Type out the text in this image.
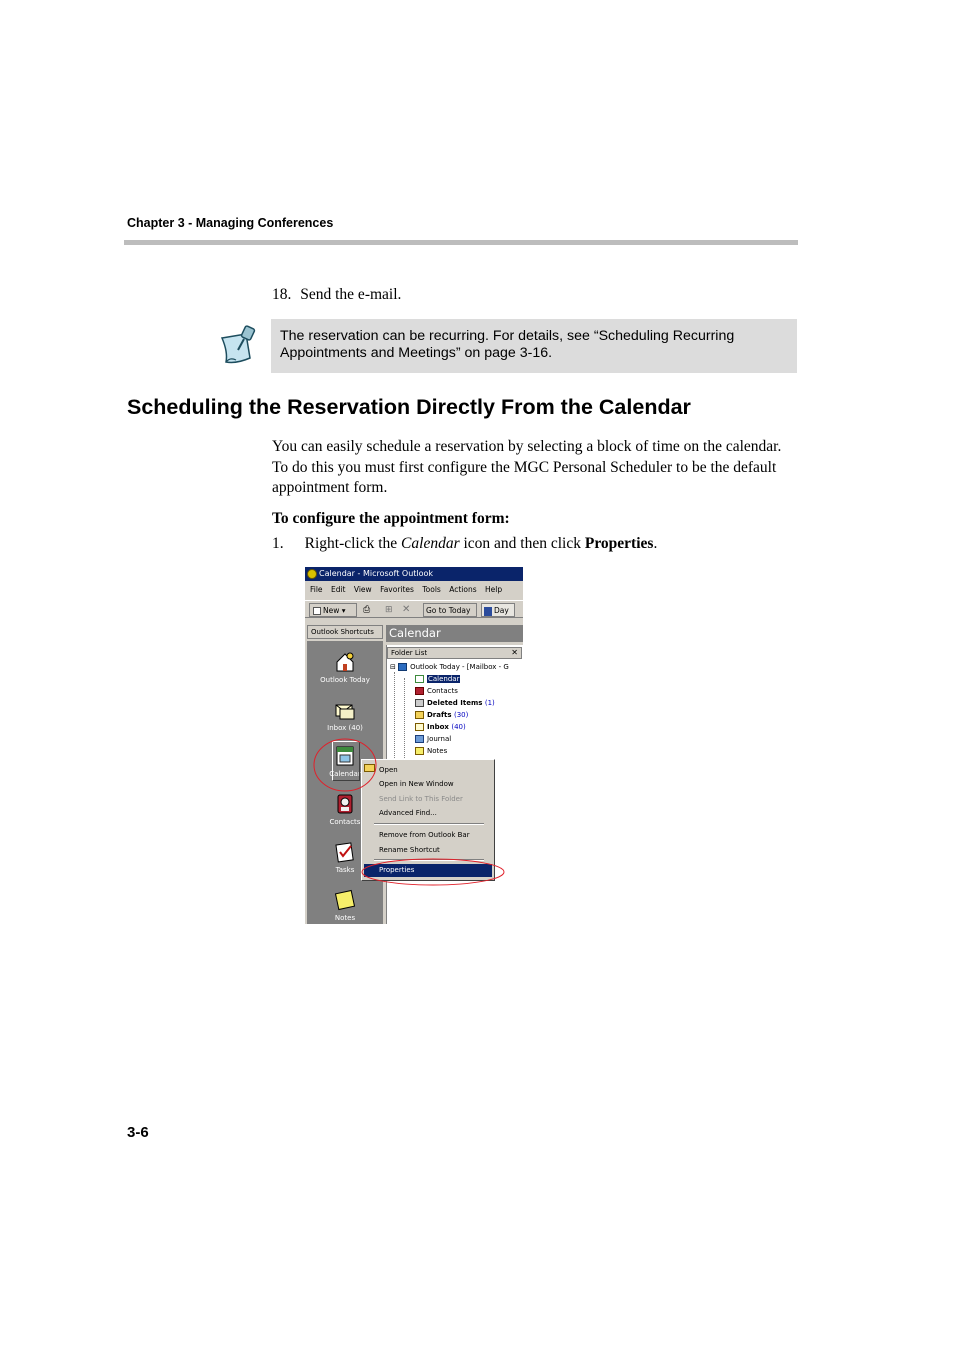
Chapter 3 - Managing Conferences
18. Send the e-mail.
The reservation can be recurring. For details, see “Scheduling Recurring Appointments and Meetings” on page 3-16.
Scheduling the Reservation Directly From the Calendar
You can easily schedule a reservation by selecting a block of time on the calendar. To do this you must first configure the MGC Personal Scheduler to be the default appointment form.
To configure the appointment form:
1. Right-click the Calendar icon and then click Properties.
Calendar - Microsoft Outlook
File Edit View Favorites Tools Actions Help
New ▾	⎙	⊞ ✕	Go to Today	Day
Outlook Shortcuts
Outlook Today
Inbox (40)
Calendar
Contacts
Tasks
Notes
Calendar
Folder List	✕
⊟ Outlook Today - [Mailbox - G
Calendar
Contacts
Deleted Items (1)
Drafts (30)
Inbox (40)
Journal
Notes
Open
Open in New Window
Send Link to This Folder
Advanced Find...
Remove from Outlook Bar
Rename Shortcut
Properties
3-6
